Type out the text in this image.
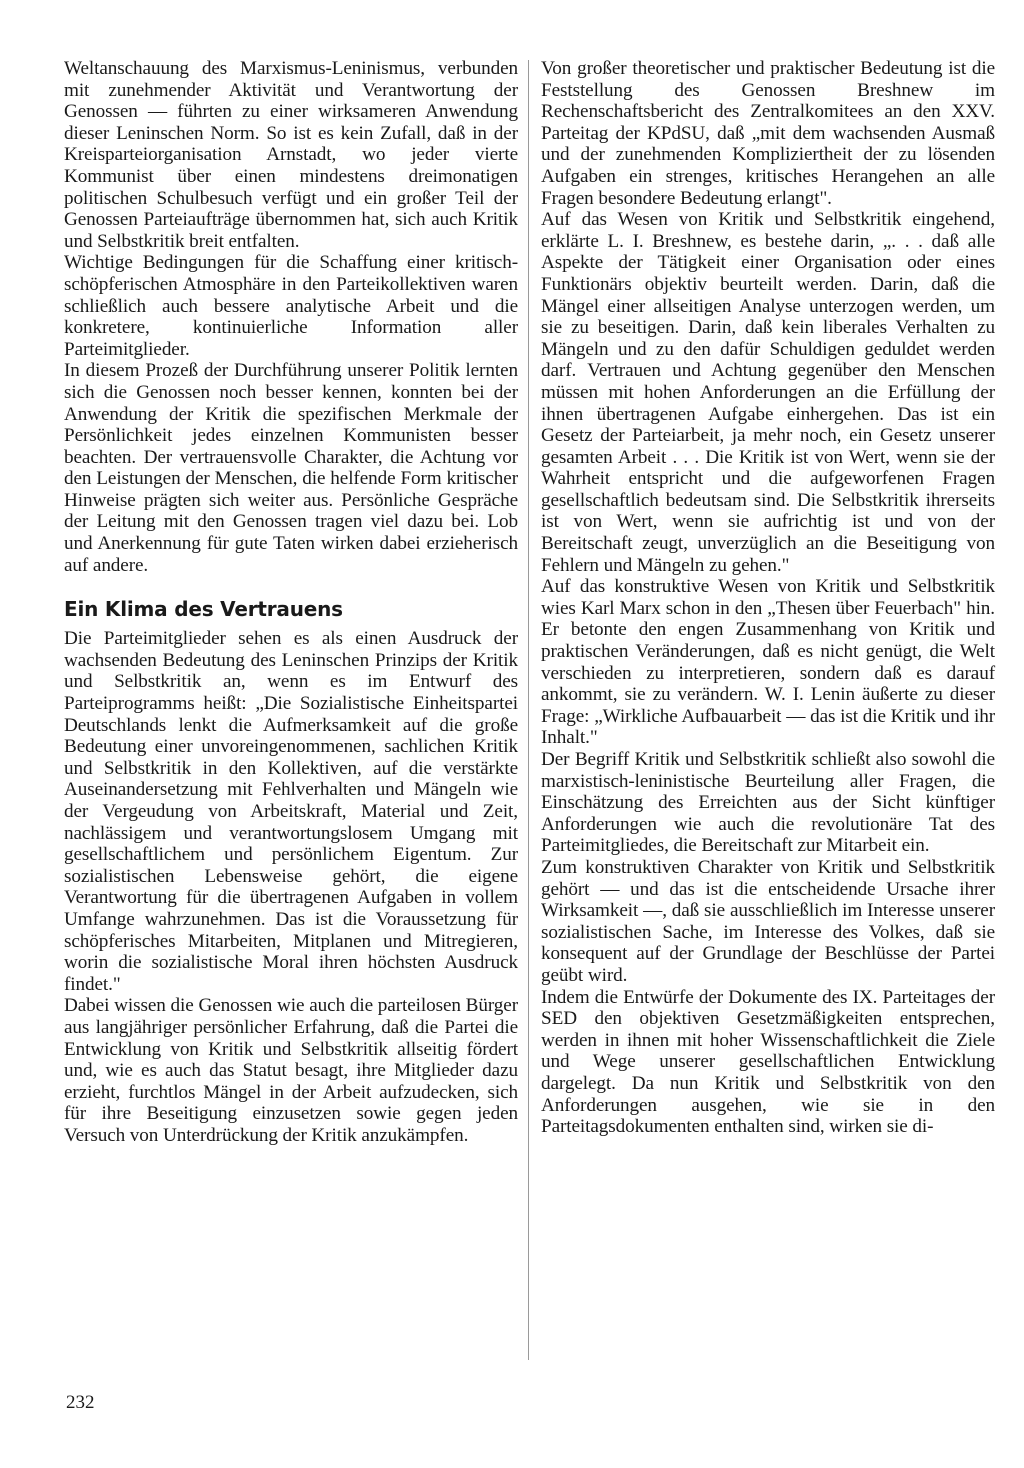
Weltanschauung des Marxismus-Leninismus, verbunden mit zunehmender Aktivität und Verantwortung der Genossen — führten zu einer wirksameren Anwendung dieser Leninschen Norm. So ist es kein Zufall, daß in der Kreisparteiorganisation Arnstadt, wo jeder vierte Kommunist über einen mindestens dreimonatigen politischen Schulbesuch verfügt und ein großer Teil der Genossen Parteiaufträge übernommen hat, sich auch Kritik und Selbstkritik breit entfalten.

Wichtige Bedingungen für die Schaffung einer kritisch-schöpferischen Atmosphäre in den Parteikollektiven waren schließlich auch bessere analytische Arbeit und die konkretere, kontinuierliche Information aller Parteimitglieder.

In diesem Prozeß der Durchführung unserer Politik lernten sich die Genossen noch besser kennen, konnten bei der Anwendung der Kritik die spezifischen Merkmale der Persönlichkeit jedes einzelnen Kommunisten besser beachten. Der vertrauensvolle Charakter, die Achtung vor den Leistungen der Menschen, die helfende Form kritischer Hinweise prägten sich weiter aus. Persönliche Gespräche der Leitung mit den Genossen tragen viel dazu bei. Lob und Anerkennung für gute Taten wirken dabei erzieherisch auf andere.

Ein Klima des Vertrauens

Die Parteimitglieder sehen es als einen Ausdruck der wachsenden Bedeutung des Leninschen Prinzips der Kritik und Selbstkritik an, wenn es im Entwurf des Parteiprogramms heißt: „Die Sozialistische Einheitspartei Deutschlands lenkt die Aufmerksamkeit auf die große Bedeutung einer unvoreingenommenen, sachlichen Kritik und Selbstkritik in den Kollektiven, auf die verstärkte Auseinandersetzung mit Fehlverhalten und Mängeln wie der Vergeudung von Arbeitskraft, Material und Zeit, nachlässigem und verantwortungslosem Umgang mit gesellschaftlichem und persönlichem Eigentum. Zur sozialistischen Lebensweise gehört, die eigene Verantwortung für die übertragenen Aufgaben in vollem Umfange wahrzunehmen. Das ist die Voraussetzung für schöpferisches Mitarbeiten, Mitplanen und Mitregieren, worin die sozialistische Moral ihren höchsten Ausdruck findet."

Dabei wissen die Genossen wie auch die parteilosen Bürger aus langjähriger persönlicher Erfahrung, daß die Partei die Entwicklung von Kritik und Selbstkritik allseitig fördert und, wie es auch das Statut besagt, ihre Mitglieder dazu erzieht, furchtlos Mängel in der Arbeit aufzudecken, sich für ihre Beseitigung einzusetzen sowie gegen jeden Versuch von Unterdrückung der Kritik anzukämpfen.

Von großer theoretischer und praktischer Bedeutung ist die Feststellung des Genossen Breshnew im Rechenschaftsbericht des Zentralkomitees an den XXV. Parteitag der KPdSU, daß „mit dem wachsenden Ausmaß und der zunehmenden Kompliziertheit der zu lösenden Aufgaben ein strenges, kritisches Herangehen an alle Fragen besondere Bedeutung erlangt".

Auf das Wesen von Kritik und Selbstkritik eingehend, erklärte L. I. Breshnew, es bestehe darin, „. . . daß alle Aspekte der Tätigkeit einer Organisation oder eines Funktionärs objektiv beurteilt werden. Darin, daß die Mängel einer allseitigen Analyse unterzogen werden, um sie zu beseitigen. Darin, daß kein liberales Verhalten zu Mängeln und zu den dafür Schuldigen geduldet werden darf. Vertrauen und Achtung gegenüber den Menschen müssen mit hohen Anforderungen an die Erfüllung der ihnen übertragenen Aufgabe einhergehen. Das ist ein Gesetz der Parteiarbeit, ja mehr noch, ein Gesetz unserer gesamten Arbeit . . . Die Kritik ist von Wert, wenn sie der Wahrheit entspricht und die aufgeworfenen Fragen gesellschaftlich bedeutsam sind. Die Selbstkritik ihrerseits ist von Wert, wenn sie aufrichtig ist und von der Bereitschaft zeugt, unverzüglich an die Beseitigung von Fehlern und Mängeln zu gehen."

Auf das konstruktive Wesen von Kritik und Selbstkritik wies Karl Marx schon in den „Thesen über Feuerbach" hin. Er betonte den engen Zusammenhang von Kritik und praktischen Veränderungen, daß es nicht genügt, die Welt verschieden zu interpretieren, sondern daß es darauf ankommt, sie zu verändern. W. I. Lenin äußerte zu dieser Frage: „Wirkliche Aufbauarbeit — das ist die Kritik und ihr Inhalt."

Der Begriff Kritik und Selbstkritik schließt also sowohl die marxistisch-leninistische Beurteilung aller Fragen, die Einschätzung des Erreichten aus der Sicht künftiger Anforderungen wie auch die revolutionäre Tat des Parteimitgliedes, die Bereitschaft zur Mitarbeit ein.

Zum konstruktiven Charakter von Kritik und Selbstkritik gehört — und das ist die entscheidende Ursache ihrer Wirksamkeit —, daß sie ausschließlich im Interesse unserer sozialistischen Sache, im Interesse des Volkes, daß sie konsequent auf der Grundlage der Beschlüsse der Partei geübt wird.

Indem die Entwürfe der Dokumente des IX. Parteitages der SED den objektiven Gesetzmäßigkeiten entsprechen, werden in ihnen mit hoher Wissenschaftlichkeit die Ziele und Wege unserer gesellschaftlichen Entwicklung dargelegt. Da nun Kritik und Selbstkritik von den Anforderungen ausgehen, wie sie in den Parteitagsdokumenten enthalten sind, wirken sie di-

232
